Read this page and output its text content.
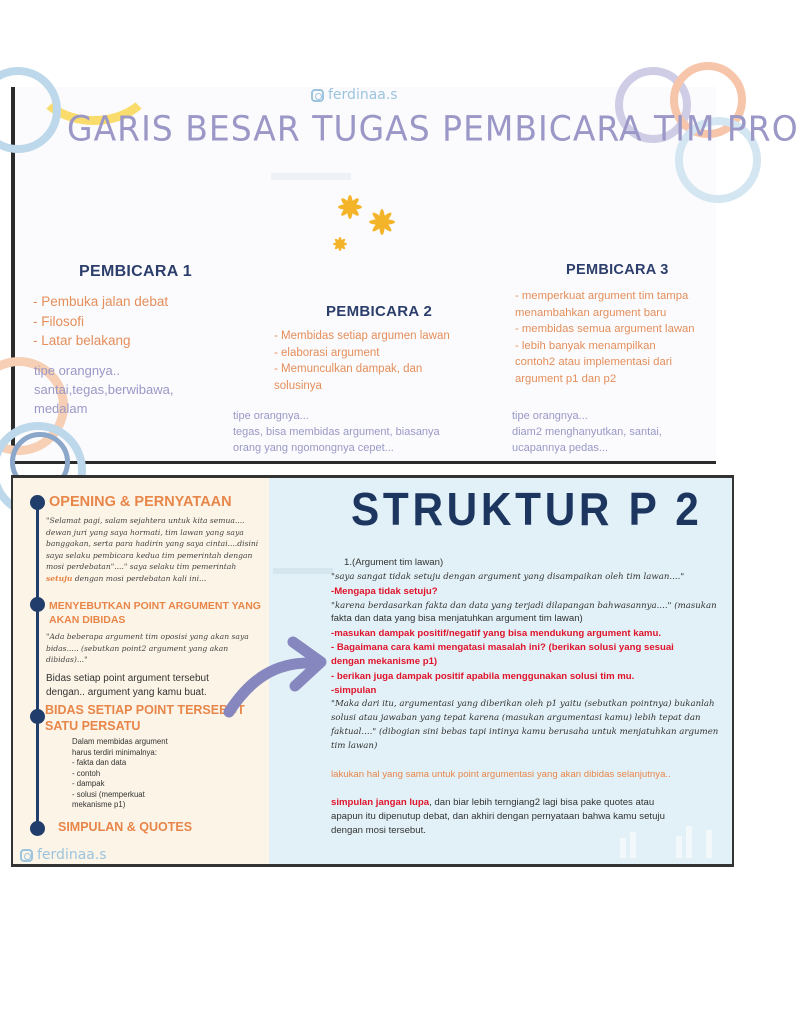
ferdinaa.s
GARIS BESAR TUGAS PEMBICARA TIM PRO
PEMBICARA 1
- Pembuka jalan debat
- Filosofi
- Latar belakang
tipe orangnya..
santai,tegas,berwibawa,
medalam
PEMBICARA 2
- Membidas setiap argumen lawan
- elaborasi argument
- Memunculkan dampak, dan
solusinya
tipe orangnya...
tegas, bisa membidas argument, biasanya
orang yang ngomongnya cepet...
PEMBICARA 3
- memperkuat argument tim tampa
menambahkan argument baru
- membidas semua argument lawan
- lebih banyak menampilkan
contoh2 atau implementasi dari
argument p1 dan p2
tipe orangnya...
diam2 menghanyutkan, santai,
ucapannya pedas...
OPENING & PERNYATAAN
"Selamat pagi, salam sejahtera untuk kita semua....
dewan juri yang saya hormati, tim lawan yang saya
banggakan, serta para hadirin yang saya cintai....disini
saya selaku pembicara kedua tim pemerintah dengan
mosi perdebatan"...." saya selaku tim pemerintah
setuju dengan mosi perdebatan kali ini...
MENYEBUTKAN POINT ARGUMENT YANG
AKAN DIBIDAS
"Ada beberapa argument tim oposisi yang akan saya
bidas..... (sebutkan point2 argument yang akan
dibidas)..."
Bidas setiap point argument tersebut
dengan.. argument yang kamu buat.
BIDAS SETIAP POINT TERSEBUT
SATU PERSATU
Dalam membidas argument
harus terdiri minimalnya:
- fakta dan data
- contoh
- dampak
- solusi (memperkuat
mekanisme p1)
SIMPULAN & QUOTES
ferdinaa.s
STRUKTUR P 2
1.(Argument tim lawan)
"saya sangat tidak setuju dengan argument yang disampaikan oleh tim lawan...."
-Mengapa tidak setuju?
"karena berdasarkan fakta dan data yang terjadi dilapangan bahwasannya...." (masukan
fakta dan data yang bisa menjatuhkan argument tim lawan)
-masukan dampak positif/negatif yang bisa mendukung argument kamu.
- Bagaimana cara kami mengatasi masalah ini? (berikan solusi yang sesuai
dengan mekanisme p1)
- berikan juga dampak positif apabila menggunakan solusi tim mu.
-simpulan
"Maka dari itu, argumentasi yang diberikan oleh p1 yaitu (sebutkan pointnya) bukanlah
solusi atau jawaban yang tepat karena (masukan argumentasi kamu) lebih tepat dan
faktual...." (dibogian sini bebas tapi intinya kamu berusaha untuk menjatuhkan argumen
tim lawan)
lakukan hal yang sama untuk point argumentasi yang akan dibidas selanjutnya..
simpulan jangan lupa, dan biar lebih terngiang2 lagi bisa pake quotes atau
apapun itu dipenutup debat, dan akhiri dengan pernyataan bahwa kamu setuju
dengan mosi tersebut.
